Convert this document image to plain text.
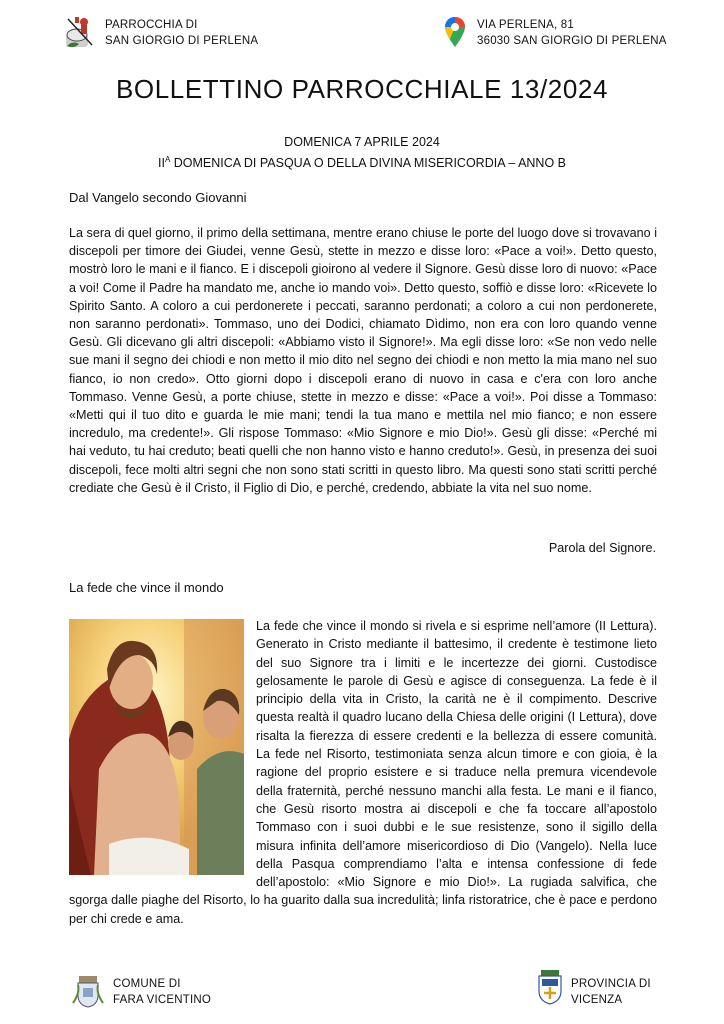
PARROCCHIA DI
SAN GIORGIO DI PERLENA
VIA PERLENA, 81
36030 SAN GIORGIO DI PERLENA
BOLLETTINO PARROCCHIALE 13/2024
DOMENICA 7 APRILE 2024
$II^A$ DOMENICA DI PASQUA O DELLA DIVINA MISERICORDIA – ANNO B
Dal Vangelo secondo Giovanni
La sera di quel giorno, il primo della settimana, mentre erano chiuse le porte del luogo dove si trovavano i discepoli per timore dei Giudei, venne Gesù, stette in mezzo e disse loro: «Pace a voi!». Detto questo, mostrò loro le mani e il fianco. E i discepoli gioirono al vedere il Signore. Gesù disse loro di nuovo: «Pace a voi! Come il Padre ha mandato me, anche io mando voi». Detto questo, soffiò e disse loro: «Ricevete lo Spirito Santo. A coloro a cui perdonerete i peccati, saranno perdonati; a coloro a cui non perdonerete, non saranno perdonati». Tommaso, uno dei Dodici, chiamato Dìdimo, non era con loro quando venne Gesù. Gli dicevano gli altri discepoli: «Abbiamo visto il Signore!». Ma egli disse loro: «Se non vedo nelle sue mani il segno dei chiodi e non metto il mio dito nel segno dei chiodi e non metto la mia mano nel suo fianco, io non credo». Otto giorni dopo i discepoli erano di nuovo in casa e c'era con loro anche Tommaso. Venne Gesù, a porte chiuse, stette in mezzo e disse: «Pace a voi!». Poi disse a Tommaso: «Metti qui il tuo dito e guarda le mie mani; tendi la tua mano e mettila nel mio fianco; e non essere incredulo, ma credente!». Gli rispose Tommaso: «Mio Signore e mio Dio!». Gesù gli disse: «Perché mi hai veduto, tu hai creduto; beati quelli che non hanno visto e hanno creduto!». Gesù, in presenza dei suoi discepoli, fece molti altri segni che non sono stati scritti in questo libro. Ma questi sono stati scritti perché crediate che Gesù è il Cristo, il Figlio di Dio, e perché, credendo, abbiate la vita nel suo nome.
Parola del Signore.
La fede che vince il mondo
La fede che vince il mondo si rivela e si esprime nell’amore (II Lettura). Generato in Cristo mediante il battesimo, il credente è testimone lieto del suo Signore tra i limiti e le incertezze dei giorni. Custodisce gelosamente le parole di Gesù e agisce di conseguenza. La fede è il principio della vita in Cristo, la carità ne è il compimento. Descrive questa realtà il quadro lucano della Chiesa delle origini (I Lettura), dove risalta la fierezza di essere credenti e la bellezza di essere comunità. La fede nel Risorto, testimoniata senza alcun timore e con gioia, è la ragione del proprio esistere e si traduce nella premura vicendevole della fraternità, perché nessuno manchi alla festa. Le mani e il fianco, che Gesù risorto mostra ai discepoli e che fa toccare all’apostolo Tommaso con i suoi dubbi e le sue resistenze, sono il sigillo della misura infinita dell’amore misericordioso di Dio (Vangelo). Nella luce della Pasqua comprendiamo l’alta e intensa confessione di fede dell’apostolo: «Mio Signore e mio Dio!». La rugiada salvifica, che sgorga dalle piaghe del Risorto, lo ha guarito dalla sua incredulità; linfa ristoratrice, che è pace e perdono per chi crede e ama.
COMUNE DI
FARA VICENTINO
PROVINCIA DI
VICENZA
